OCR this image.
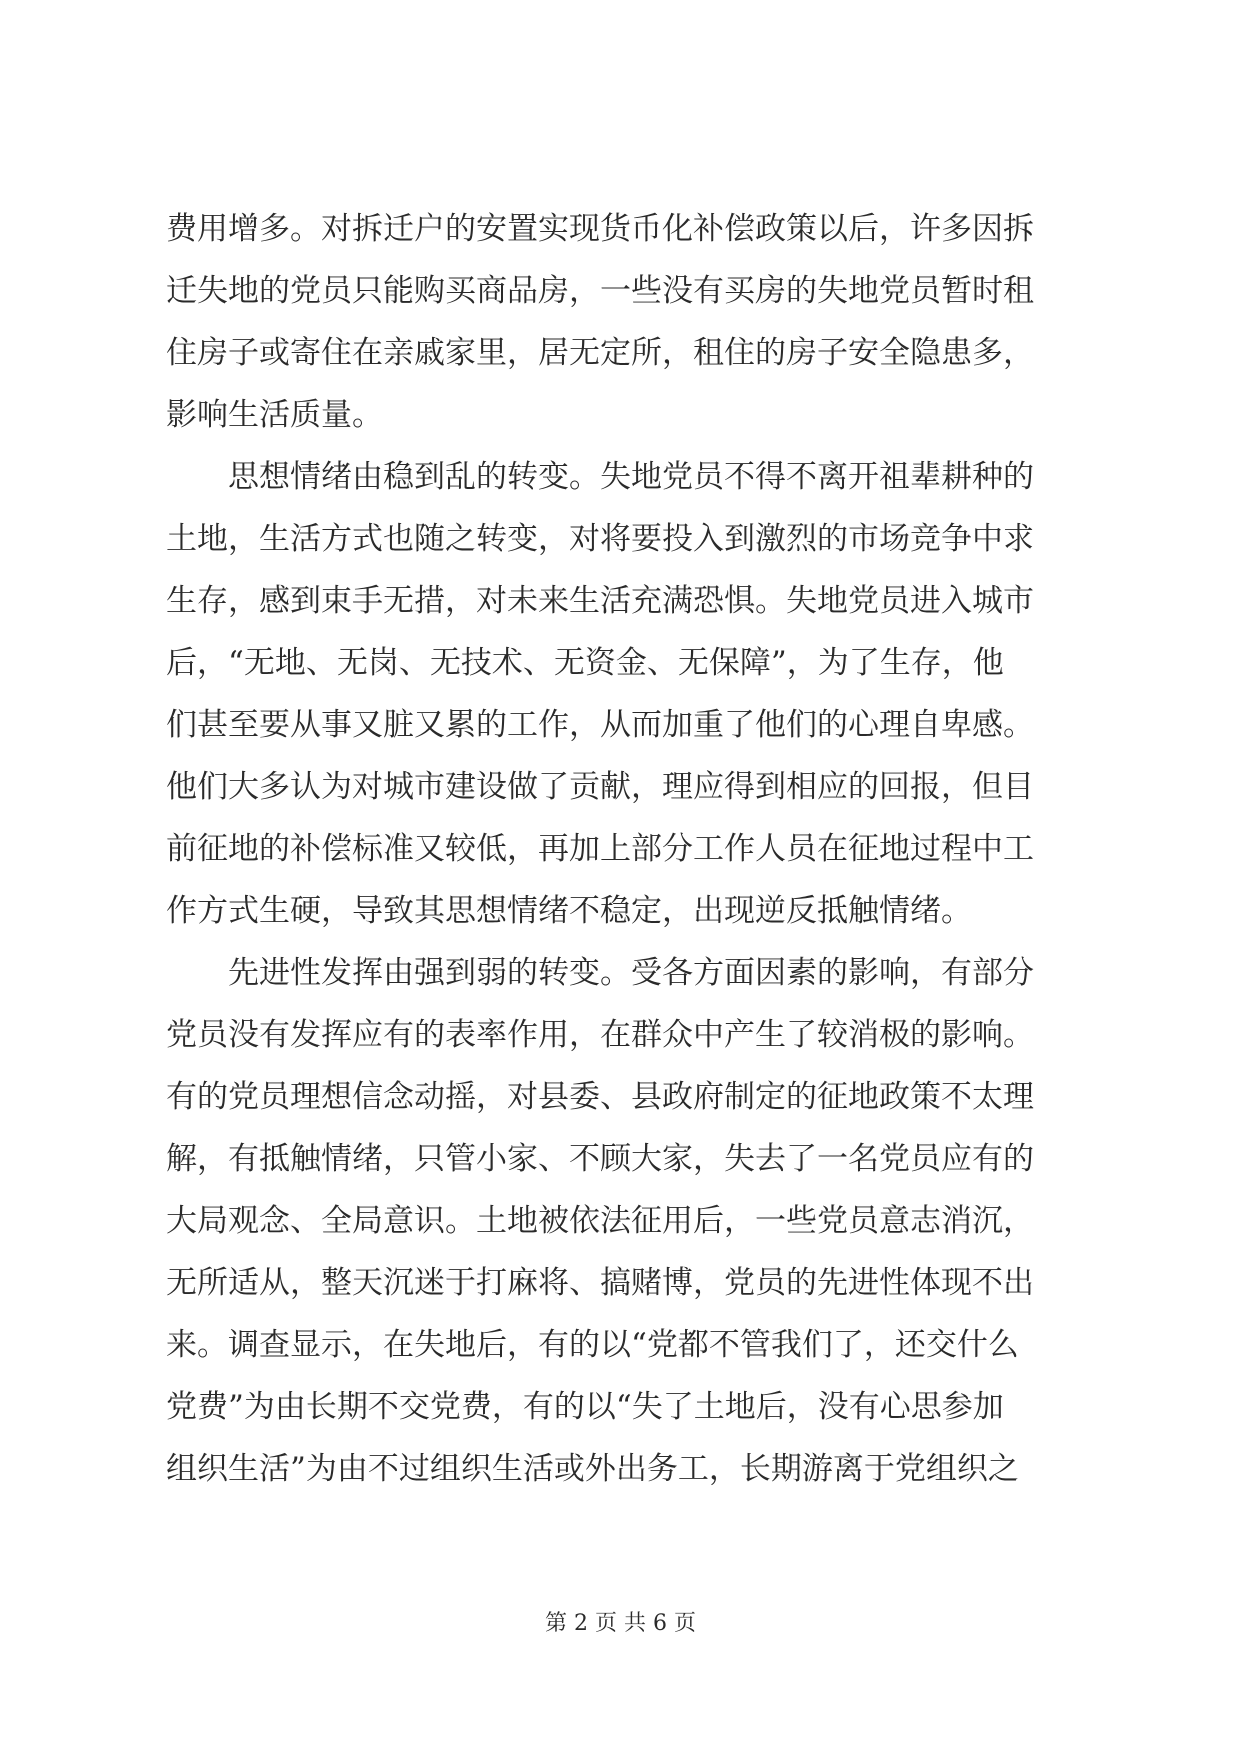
费用增多。对拆迁户的安置实现货币化补偿政策以后，许多因拆
迁失地的党员只能购买商品房，一些没有买房的失地党员暂时租
住房子或寄住在亲戚家里，居无定所，租住的房子安全隐患多，
影响生活质量。
　　思想情绪由稳到乱的转变。失地党员不得不离开祖辈耕种的
土地，生活方式也随之转变，对将要投入到激烈的市场竞争中求
生存，感到束手无措，对未来生活充满恐惧。失地党员进入城市
后，“无地、无岗、无技术、无资金、无保障”，为了生存，他
们甚至要从事又脏又累的工作，从而加重了他们的心理自卑感。
他们大多认为对城市建设做了贡献，理应得到相应的回报，但目
前征地的补偿标准又较低，再加上部分工作人员在征地过程中工
作方式生硬，导致其思想情绪不稳定，出现逆反抵触情绪。
　　先进性发挥由强到弱的转变。受各方面因素的影响，有部分
党员没有发挥应有的表率作用，在群众中产生了较消极的影响。
有的党员理想信念动摇，对县委、县政府制定的征地政策不太理
解，有抵触情绪，只管小家、不顾大家，失去了一名党员应有的
大局观念、全局意识。土地被依法征用后，一些党员意志消沉，
无所适从，整天沉迷于打麻将、搞赌博，党员的先进性体现不出
来。调查显示，在失地后，有的以“党都不管我们了，还交什么
党费”为由长期不交党费，有的以“失了土地后，没有心思参加
组织生活”为由不过组织生活或外出务工，长期游离于党组织之
第 2 页 共 6 页
